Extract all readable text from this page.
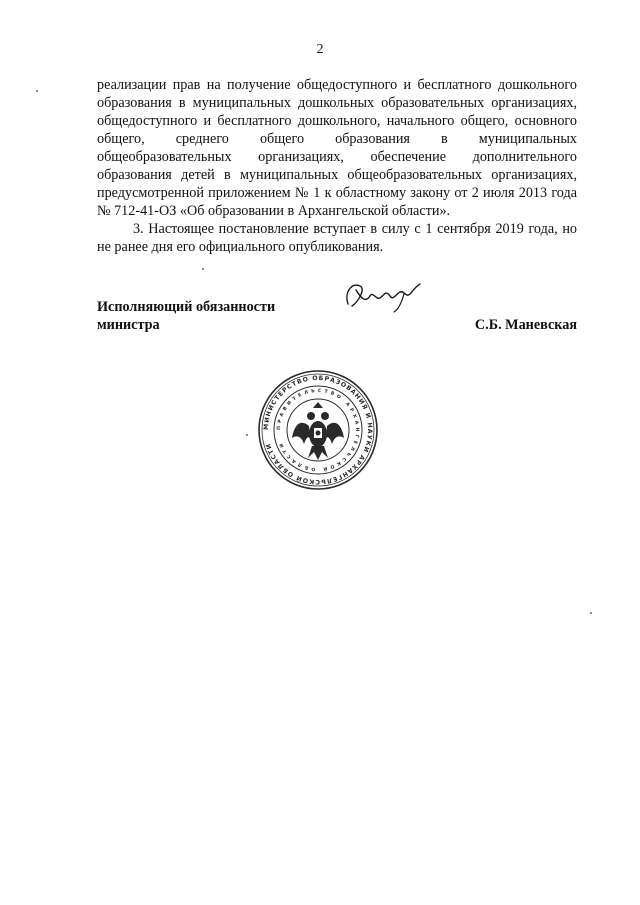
2

реализации прав на получение общедоступного и бесплатного дошкольного образования в муниципальных дошкольных образовательных организациях, общедоступного и бесплатного дошкольного, начального общего, основного общего, среднего общего образования в муниципальных общеобразовательных организациях, обеспечение дополнительного образования детей в муниципальных общеобразовательных организациях, предусмотренной приложением № 1 к областному закону от 2 июля 2013 года № 712-41-ОЗ «Об образовании в Архангельской области».

3. Настоящее постановление вступает в силу с 1 сентября 2019 года, но не ранее дня его официального опубликования.

Исполняющий обязанности
министра	С.Б. Маневская
МИНИСТЕРСТВО ОБРАЗОВАНИЯ И НАУКИ АРХАНГЕЛЬСКОЙ ОБЛАСТИ
ПРАВИТЕЛЬСТВО АРХАНГЕЛЬСКОЙ ОБЛАСТИ
